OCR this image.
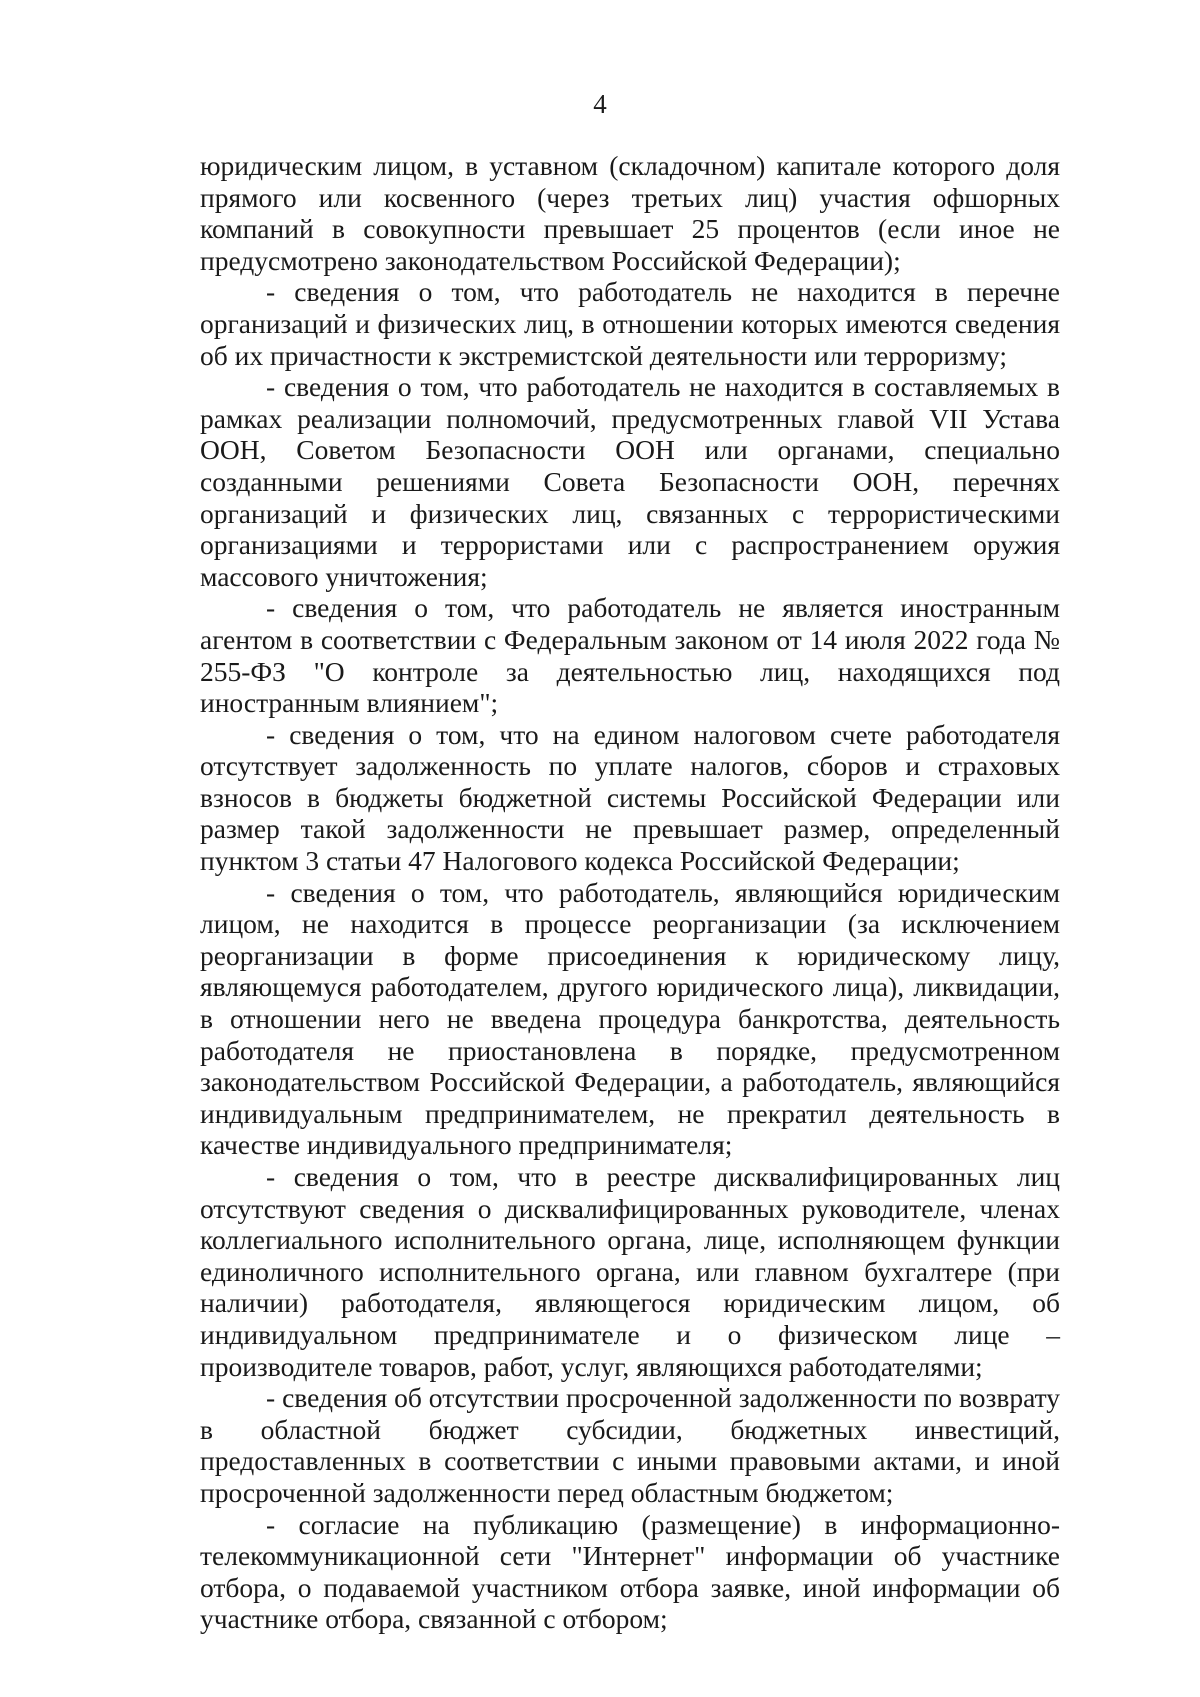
4

юридическим лицом, в уставном (складочном) капитале которого доля прямого или косвенного (через третьих лиц) участия офшорных компаний в совокупности превышает 25 процентов (если иное не предусмотрено законодательством Российской Федерации);

- сведения о том, что работодатель не находится в перечне организаций и физических лиц, в отношении которых имеются сведения об их причастности к экстремистской деятельности или терроризму;

- сведения о том, что работодатель не находится в составляемых в рамках реализации полномочий, предусмотренных главой VII Устава ООН, Советом Безопасности ООН или органами, специально созданными решениями Совета Безопасности ООН, перечнях организаций и физических лиц, связанных с террористическими организациями и террористами или с распространением оружия массового уничтожения;

- сведения о том, что работодатель не является иностранным агентом в соответствии с Федеральным законом от 14 июля 2022 года № 255-ФЗ "О контроле за деятельностью лиц, находящихся под иностранным влиянием";

- сведения о том, что на едином налоговом счете работодателя отсутствует задолженность по уплате налогов, сборов и страховых взносов в бюджеты бюджетной системы Российской Федерации или размер такой задолженности не превышает размер, определенный пунктом 3 статьи 47 Налогового кодекса Российской Федерации;

- сведения о том, что работодатель, являющийся юридическим лицом, не находится в процессе реорганизации (за исключением реорганизации в форме присоединения к юридическому лицу, являющемуся работодателем, другого юридического лица), ликвидации, в отношении него не введена процедура банкротства, деятельность работодателя не приостановлена в порядке, предусмотренном законодательством Российской Федерации, а работодатель, являющийся индивидуальным предпринимателем, не прекратил деятельность в качестве индивидуального предпринимателя;

- сведения о том, что в реестре дисквалифицированных лиц отсутствуют сведения о дисквалифицированных руководителе, членах коллегиального исполнительного органа, лице, исполняющем функции единоличного исполнительного органа, или главном бухгалтере (при наличии) работодателя, являющегося юридическим лицом, об индивидуальном предпринимателе и о физическом лице – производителе товаров, работ, услуг, являющихся работодателями;

- сведения об отсутствии просроченной задолженности по возврату в областной бюджет субсидии, бюджетных инвестиций, предоставленных в соответствии с иными правовыми актами, и иной просроченной задолженности перед областным бюджетом;

- согласие на публикацию (размещение) в информационно-телекоммуникационной сети "Интернет" информации об участнике отбора, о подаваемой участником отбора заявке, иной информации об участнике отбора, связанной с отбором;
